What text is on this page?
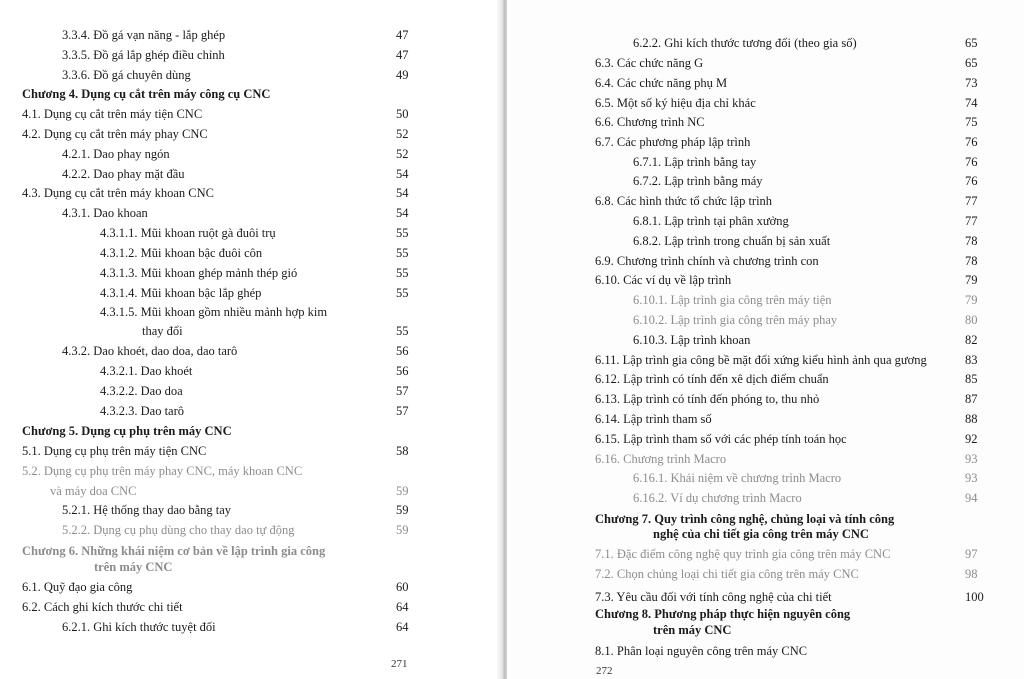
3.3.4. Đồ gá vạn năng - lắp ghép	47
3.3.5. Đồ gá lắp ghép điều chỉnh	47
3.3.6. Đồ gá chuyên dùng	49
Chương 4. Dụng cụ cắt trên máy công cụ CNC
4.1. Dụng cụ cắt trên máy tiện CNC	50
4.2. Dụng cụ cắt trên máy phay CNC	52
4.2.1. Dao phay ngón	52
4.2.2. Dao phay mặt đầu	54
4.3. Dụng cụ cắt trên máy khoan CNC	54
4.3.1. Dao khoan	54
4.3.1.1. Mũi khoan ruột gà đuôi trụ	55
4.3.1.2. Mũi khoan bậc đuôi côn	55
4.3.1.3. Mũi khoan ghép mảnh thép gió	55
4.3.1.4. Mũi khoan bậc lắp ghép	55
4.3.1.5. Mũi khoan gồm nhiều mảnh hợp kim
thay đổi	55
4.3.2. Dao khoét, dao doa, dao tarô	56
4.3.2.1. Dao khoét	56
4.3.2.2. Dao doa	57
4.3.2.3. Dao tarô	57
Chương 5. Dụng cụ phụ trên máy CNC
5.1. Dụng cụ phụ trên máy tiện CNC	58
5.2. Dụng cụ phụ trên máy phay CNC, máy khoan CNC
và máy doa CNC	59
5.2.1. Hệ thống thay dao bằng tay	59
5.2.2. Dụng cụ phụ dùng cho thay dao tự động	59
Chương 6. Những khái niệm cơ bản về lập trình gia công
trên máy CNC
6.1. Quỹ đạo gia công	60
6.2. Cách ghi kích thước chi tiết	64
6.2.1. Ghi kích thước tuyệt đối	64
271
6.2.2. Ghi kích thước tương đối (theo gia số)	65
6.3. Các chức năng G	65
6.4. Các chức năng phụ M	73
6.5. Một số ký hiệu địa chỉ khác	74
6.6. Chương trình NC	75
6.7. Các phương pháp lập trình	76
6.7.1. Lập trình bằng tay	76
6.7.2. Lập trình bằng máy	76
6.8. Các hình thức tổ chức lập trình	77
6.8.1. Lập trình tại phân xưởng	77
6.8.2. Lập trình trong chuẩn bị sản xuất	78
6.9. Chương trình chính và chương trình con	78
6.10. Các ví dụ về lập trình	79
6.10.1. Lập trình gia công trên máy tiện	79
6.10.2. Lập trình gia công trên máy phay	80
6.10.3. Lập trình khoan	82
6.11. Lập trình gia công bề mặt đối xứng kiểu hình ảnh qua gương	83
6.12. Lập trình có tính đến xê dịch điểm chuẩn	85
6.13. Lập trình có tính đến phóng to, thu nhỏ	87
6.14. Lập trình tham số	88
6.15. Lập trình tham số với các phép tính toán học	92
6.16. Chương trình Macro	93
6.16.1. Khái niệm về chương trình Macro	93
6.16.2. Ví dụ chương trình Macro	94
Chương 7. Quy trình công nghệ, chủng loại và tính công
nghệ của chi tiết gia công trên máy CNC
7.1. Đặc điểm công nghệ quy trình gia công trên máy CNC	97
7.2. Chọn chủng loại chi tiết gia công trên máy CNC	98
7.3. Yêu cầu đối với tính công nghệ của chi tiết	100
Chương 8. Phương pháp thực hiện nguyên công
trên máy CNC
8.1. Phân loại nguyên công trên máy CNC
272
